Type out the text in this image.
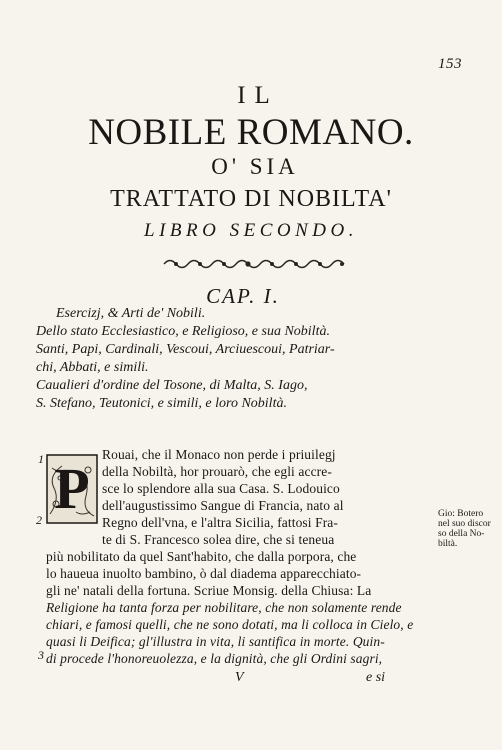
153
IL
NOBILE ROMANO.
O' SIA
TRATTATO DI NOBILTA'
LIBRO SECONDO.
CAP. I.
Esercizj, & Arti de' Nobili.
Dello stato Ecclesiastico, e Religioso, e sua Nobiltà.
Santi, Papi, Cardinali, Vescoui, Arciuescoui, Patriar-
chi, Abbati, e simili.
Caualieri d'ordine del Tosone, di Malta, S. Iago,
S. Stefano, Teutonici, e simili, e loro Nobiltà.
P
1
2
3
Rouai, che il Monaco non perde i priuilegj
della Nobiltà, hor prouarò, che egli accre-
sce lo splendore alla sua Casa. S. Lodouico
dell'augustissimo Sangue di Francia, nato al
Regno dell'vna, e l'altra Sicilia, fattosi Fra-
te di S. Francesco solea dire, che si teneua
più nobilitato da quel Sant'habito, che dalla porpora, che
lo haueua inuolto bambino, ò dal diadema apparecchiato-
gli ne' natali della fortuna. Scriue Monsig. della Chiusa: La
Religione ha tanta forza per nobilitare, che non solamente rende
chiari, e famosi quelli, che ne sono dotati, ma li colloca in Cielo, e
quasi li Deifica; gl'illustra in vita, li santifica in morte. Quin-
di procede l'honoreuolezza, e la dignità, che gli Ordini sagri,
Gio: Botero
nel suo discor
so della No-
biltà.
V	e si
